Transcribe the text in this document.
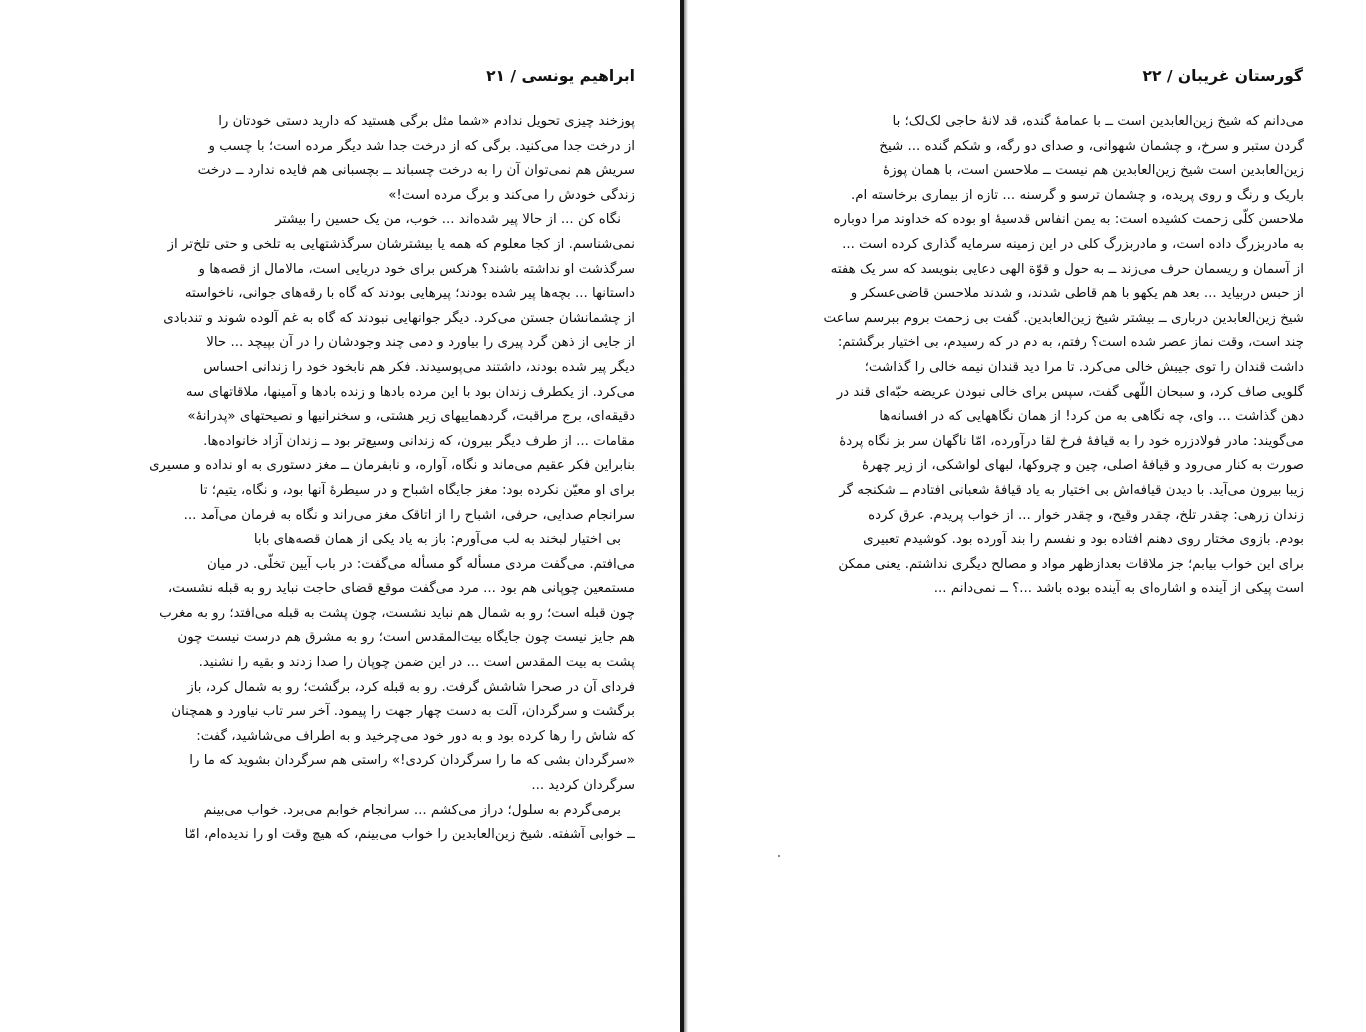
ابراهیم یونسی / ۲۱
پوزخند چیزی تحویل ندادم «شما مثل برگی هستید که دارید دستی خودتان را
از درخت جدا می‌کنید. برگی که از درخت جدا شد دیگر مرده است؛ با چسب و
سریش هم نمی‌توان آن را به درخت چسباند ــ بچسبانی هم فایده ندارد ــ درخت
زندگی خودش را می‌کند و برگ مرده است!»
نگاه کن ... از حالا پیر شده‌اند ... خوب، من یک حسین را بیشتر
نمی‌شناسم. از کجا معلوم که همه یا بیشترشان سرگذشتهایی به تلخی و حتی تلخ‌تر از
سرگذشت او نداشته باشند؟ هرکس برای خود دریایی است، مالامال از قصه‌ها و
داستانها ... بچه‌ها پیر شده بودند؛ پیرهایی بودند که گاه با رقه‌های جوانی، ناخواسته
از چشمانشان جستن می‌کرد. دیگر جوانهایی نبودند که گاه به غم آلوده شوند و تندبادی
از جایی از ذهن گرد پیری را بیاورد و دمی چند وجودشان را در آن بپیچد ... حالا
دیگر پیر شده بودند، داشتند می‌پوسیدند. فکر هم نابخود خود را زندانی احساس
می‌کرد. از یکطرف زندان بود با این مرده بادها و زنده بادها و آمینها، ملاقاتهای سه
دقیقه‌ای، برج مراقبت، گردهماییهای زیر هشتی، و سخنرانیها و نصیحتهای «پدرانهٔ»
مقامات ... از طرف دیگر بیرون، که زندانی وسیع‌تر بود ــ زندان آزاد خانواده‌ها.
بنابراین فکر عقیم می‌ماند و نگاه، آواره، و نابفرمان ــ مغز دستوری به او نداده و مسیری
برای او معیّن نکرده بود: مغز جایگاه اشباح و در سیطرهٔ آنها بود، و نگاه، یتیم؛ تا
سرانجام صدایی، حرفی، اشباح را از اتاقک مغز می‌راند و نگاه به فرمان می‌آمد ...
بی اختیار لبخند به لب می‌آورم: باز به یاد یکی از همان قصه‌های بابا
می‌افتم. می‌گفت مردی مسأله گو مسأله می‌گفت: در باب آیین تخلّی. در میان
مستمعین چوپانی هم بود ... مرد می‌گفت موقع قضای حاجت نباید رو به قبله نشست،
چون قبله است؛ رو به شمال هم نباید نشست، چون پشت به قبله می‌افتد؛ رو به مغرب
هم جایز نیست چون جایگاه بیت‌المقدس است؛ رو به مشرق هم درست نیست چون
پشت به بیت المقدس است ... در این ضمن چوپان را صدا زدند و بقیه را نشنید.
فردای آن در صحرا شاشش گرفت. رو به قبله کرد، برگشت؛ رو به شمال کرد، باز
برگشت و سرگردان، آلت به دست چهار جهت را پیمود. آخر سر تاب نیاورد و همچنان
که شاش را رها کرده بود و به دور خود می‌چرخید و به اطراف می‌شاشید، گفت:
«سرگردان بشی که ما را سرگردان کردی!» راستی هم سرگردان بشوید که ما را
سرگردان کردید ...
برمی‌گردم به سلول؛ دراز می‌کشم ... سرانجام خوابم می‌برد. خواب می‌بینم
ــ خوابی آشفته. شیخ زین‌العابدین را خواب می‌بینم، که هیچ وقت او را ندیده‌ام، امّا
۲۲ / گورستان غریبان
می‌دانم که شیخ زین‌العابدین است ــ با عمامهٔ گنده، قد لانهٔ حاجی لک‌لک؛ با
گردن ستبر و سرخ، و چشمان شهوانی، و صدای دو رگه، و شکم گنده ... شیخ
زین‌العابدین است شیخ زین‌العابدین هم نیست ــ ملاحسن است، با همان پوزهٔ
باریک و رنگ و روی پریده، و چشمان ترسو و گرسنه ... تازه از بیماری برخاسته ام.
ملاحسن کلّی زحمت کشیده است: به یمن انفاس قدسیهٔ او بوده که خداوند مرا دوباره
به مادربزرگ داده است، و مادربزرگ کلی در این زمینه سرمایه گذاری کرده است ...
از آسمان و ریسمان حرف می‌زند ــ به حول و قوّة الهی دعایی بنویسد که سر یک هفته
از حبس دربیاید ... بعد هم یکهو با هم قاطی شدند، و شدند ملاحسن قاضی‌عسکر و
شیخ زین‌العابدین درباری ــ بیشتر شیخ زین‌العابدین. گفت بی زحمت بروم ببرسم ساعت
چند است، وقت نماز عصر شده است؟ رفتم، به دم در که رسیدم، بی اختیار برگشتم:
داشت قندان را توی جیبش خالی می‌کرد. تا مرا دید قندان نیمه خالی را گذاشت؛
گلویی صاف کرد، و سبحان اللّهی گفت، سپس برای خالی نبودن عریضه حبّه‌ای قند در
دهن گذاشت ... وای، چه نگاهی به من کرد! از همان نگاههایی که در افسانه‌ها
می‌گویند: مادر فولادزره خود را به قیافهٔ فرخ لقا درآورده، امّا ناگهان سر بز نگاه پردهٔ
صورت به کنار می‌رود و قیافهٔ اصلی، چین و چروکها، لبهای لواشکی، از زیر چهرهٔ
زیبا بیرون می‌آید. با دیدن قیافه‌اش بی اختیار به یاد قیافهٔ شعبانی افتادم ــ شکنجه گر
زندان زرهی: چقدر تلخ، چقدر وقیح، و چقدر خوار ... از خواب پریدم. عرق کرده
بودم. بازوی مختار روی دهنم افتاده بود و نفسم را بند آورده بود. کوشیدم تعبیری
برای این خواب بیابم؛ جز ملاقات بعدازظهر مواد و مصالح دیگری نداشتم. یعنی ممکن
است پیکی از آینده و اشاره‌ای به آینده بوده باشد ...؟ ــ نمی‌دانم ...
